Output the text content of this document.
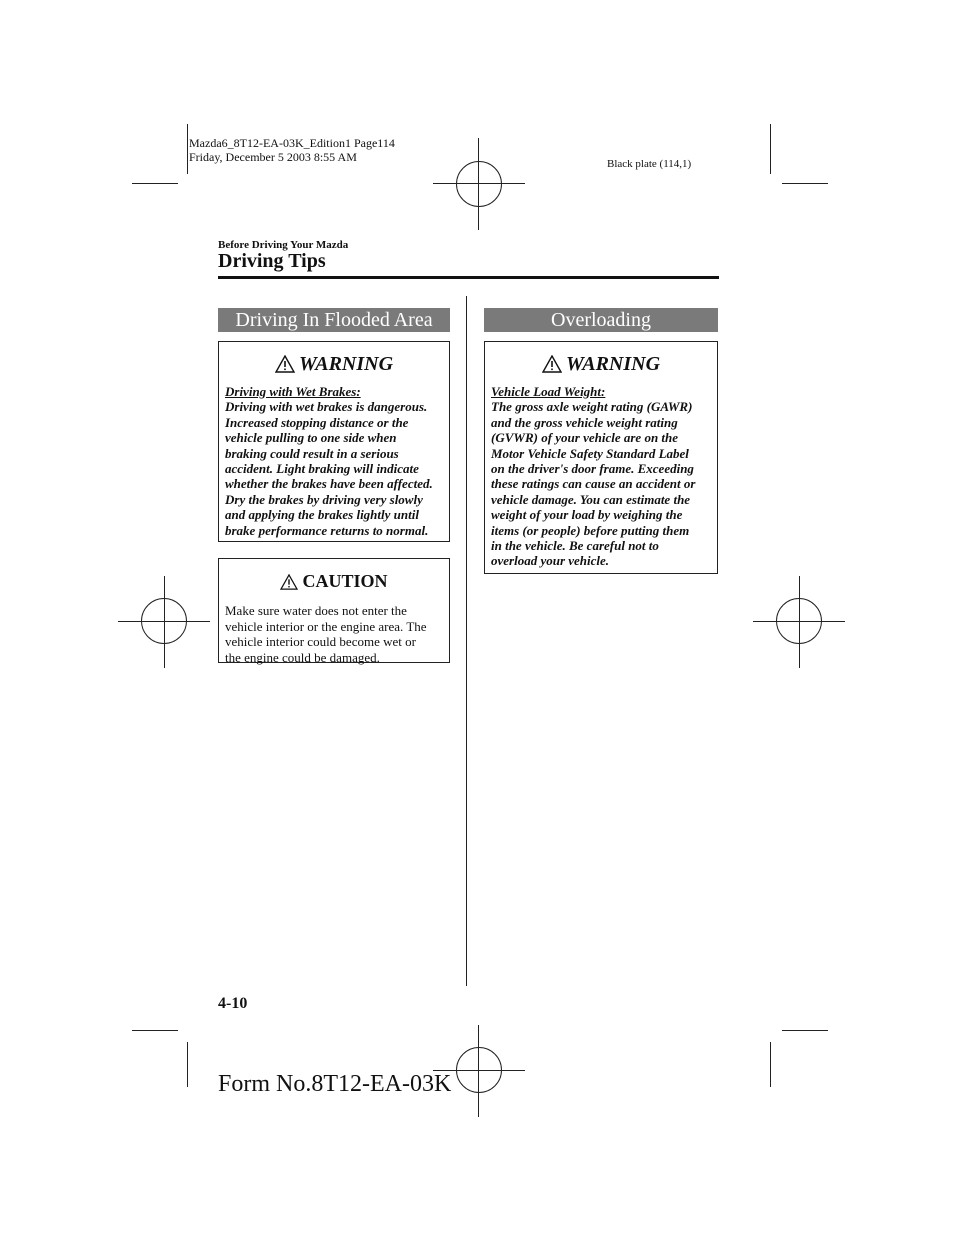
Mazda6_8T12-EA-03K_Edition1 Page114
Friday, December 5 2003 8:55 AM	Black plate (114,1)
Before Driving Your Mazda
Driving Tips
Driving In Flooded Area
WARNING
Driving with Wet Brakes:
Driving with wet brakes is dangerous.
Increased stopping distance or the
vehicle pulling to one side when
braking could result in a serious
accident. Light braking will indicate
whether the brakes have been affected.
Dry the brakes by driving very slowly
and applying the brakes lightly until
brake performance returns to normal.
CAUTION
Make sure water does not enter the
vehicle interior or the engine area. The
vehicle interior could become wet or
the engine could be damaged.
Overloading
WARNING
Vehicle Load Weight:
The gross axle weight rating (GAWR)
and the gross vehicle weight rating
(GVWR) of your vehicle are on the
Motor Vehicle Safety Standard Label
on the driver's door frame. Exceeding
these ratings can cause an accident or
vehicle damage. You can estimate the
weight of your load by weighing the
items (or people) before putting them
in the vehicle. Be careful not to
overload your vehicle.
4-10
Form No.8T12-EA-03K
